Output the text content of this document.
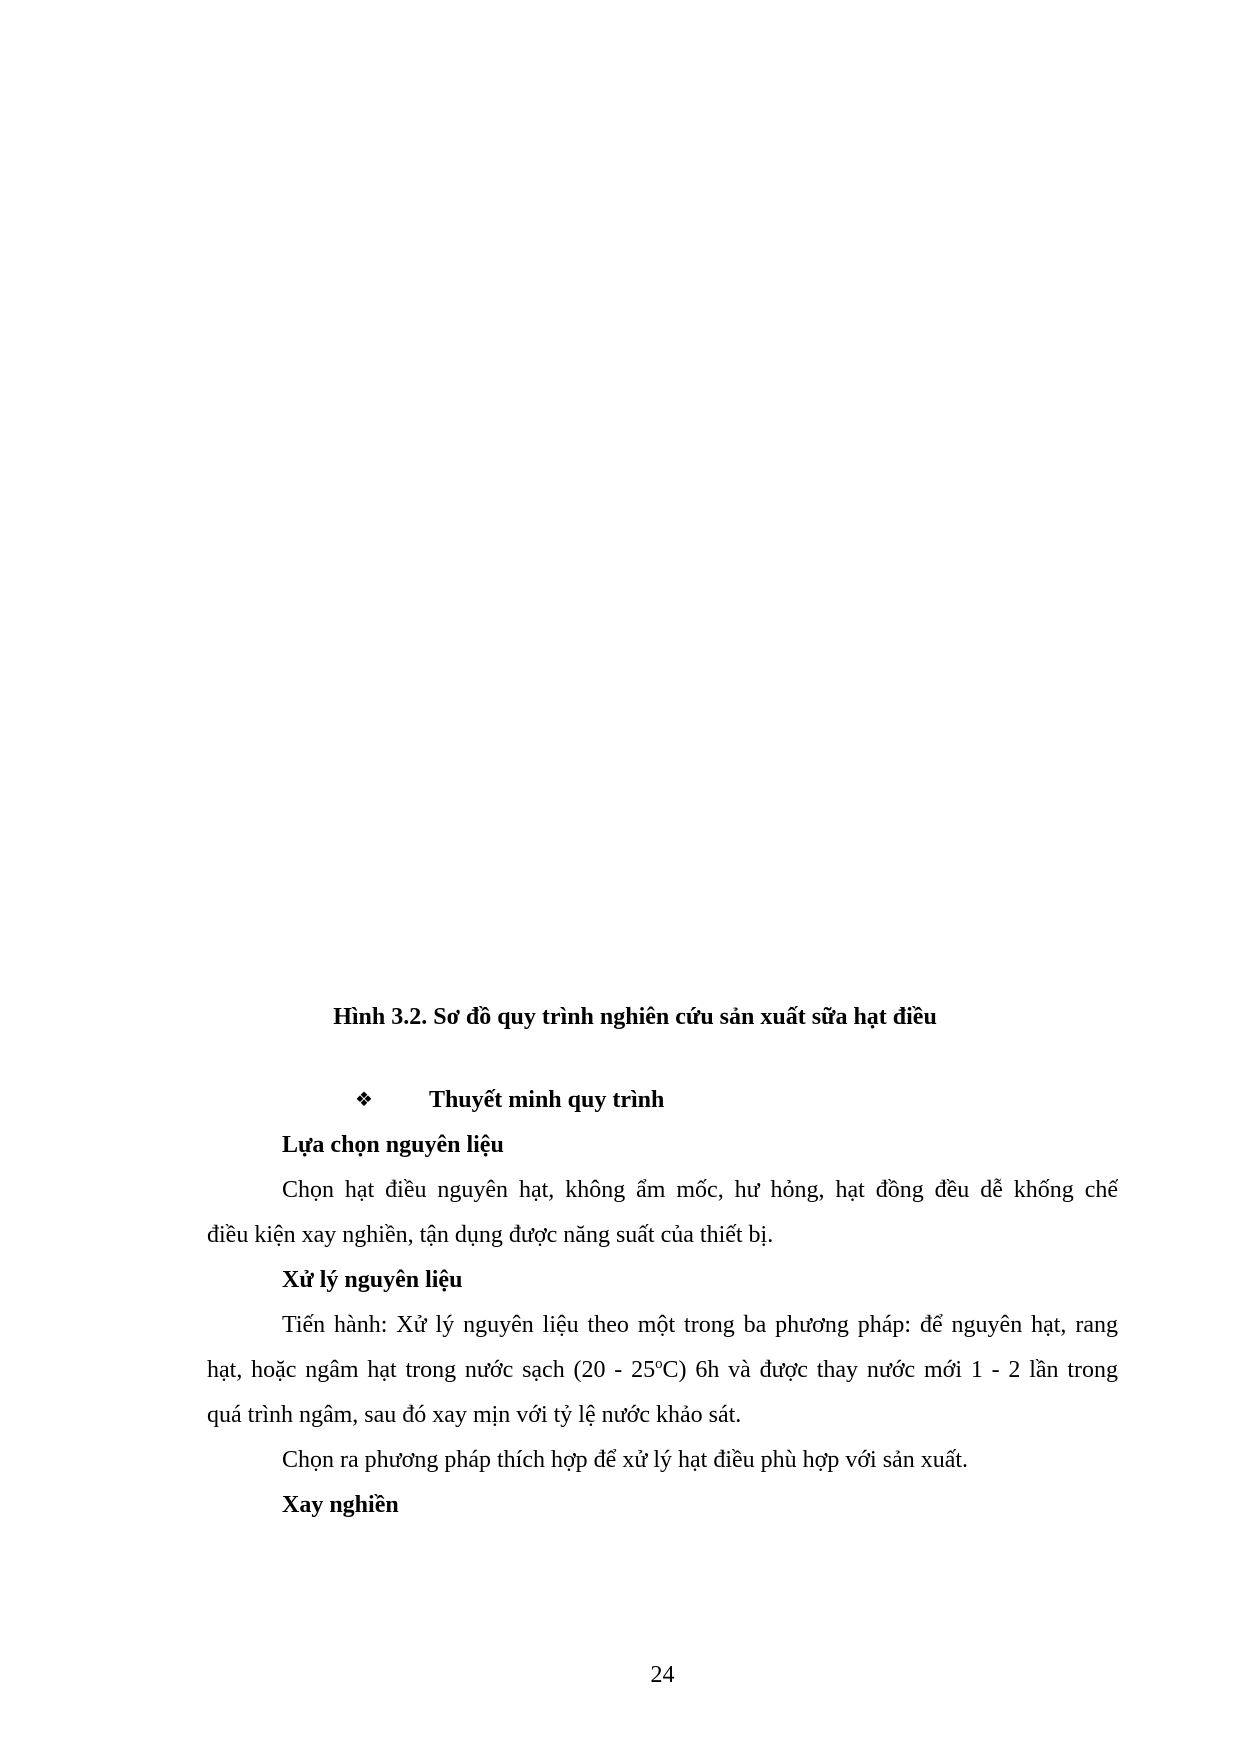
Hình 3.2. Sơ đồ quy trình nghiên cứu sản xuất sữa hạt điều
❖ Thuyết minh quy trình
Lựa chọn nguyên liệu
Chọn hạt điều nguyên hạt, không ẩm mốc, hư hỏng, hạt đồng đều dễ khống chế
điều kiện xay nghiền, tận dụng được năng suất của thiết bị.
Xử lý nguyên liệu
Tiến hành: Xử lý nguyên liệu theo một trong ba phương pháp: để nguyên hạt, rang
hạt, hoặc ngâm hạt trong nước sạch (20 - 25$^o$C) 6h và được thay nước mới 1 - 2 lần trong
quá trình ngâm, sau đó xay mịn với tỷ lệ nước khảo sát.
Chọn ra phương pháp thích hợp để xử lý hạt điều phù hợp với sản xuất.
Xay nghiền
24
